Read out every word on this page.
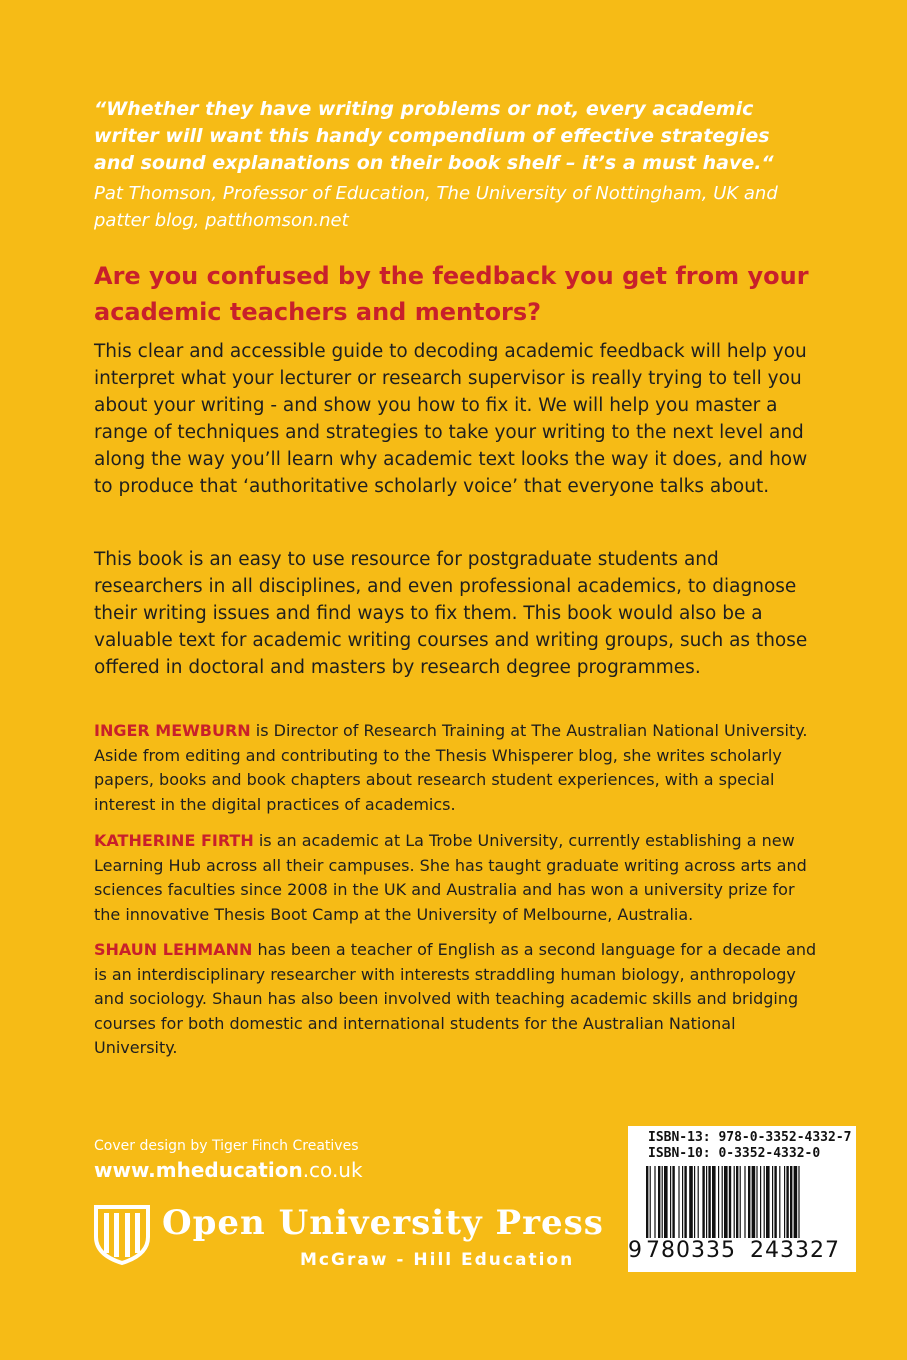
“Whether they have writing problems or not, every academic writer will want this handy compendium of effective strategies and sound explanations on their book shelf – it’s a must have.“

Pat Thomson, Professor of Education, The University of Nottingham, UK and patter blog, patthomson.net

Are you confused by the feedback you get from your academic teachers and mentors?

This clear and accessible guide to decoding academic feedback will help you interpret what your lecturer or research supervisor is really trying to tell you about your writing - and show you how to fix it. We will help you master a range of techniques and strategies to take your writing to the next level and along the way you’ll learn why academic text looks the way it does, and how to produce that ‘authoritative scholarly voice’ that everyone talks about.

This book is an easy to use resource for postgraduate students and researchers in all disciplines, and even professional academics, to diagnose their writing issues and find ways to fix them. This book would also be a valuable text for academic writing courses and writing groups, such as those offered in doctoral and masters by research degree programmes.

INGER MEWBURN is Director of Research Training at The Australian National University. Aside from editing and contributing to the Thesis Whisperer blog, she writes scholarly papers, books and book chapters about research student experiences, with a special interest in the digital practices of academics.

KATHERINE FIRTH is an academic at La Trobe University, currently establishing a new Learning Hub across all their campuses. She has taught graduate writing across arts and sciences faculties since 2008 in the UK and Australia and has won a university prize for the innovative Thesis Boot Camp at the University of Melbourne, Australia.

SHAUN LEHMANN has been a teacher of English as a second language for a decade and is an interdisciplinary researcher with interests straddling human biology, anthropology and sociology. Shaun has also been involved with teaching academic skills and bridging courses for both domestic and international students for the Australian National University.

Cover design by Tiger Finch Creatives

www.mheducation.co.uk

Open University Press

McGraw - Hill Education

ISBN-13: 978-0-3352-4332-7

ISBN-10: 0-3352-4332-0

9 780335 243327
